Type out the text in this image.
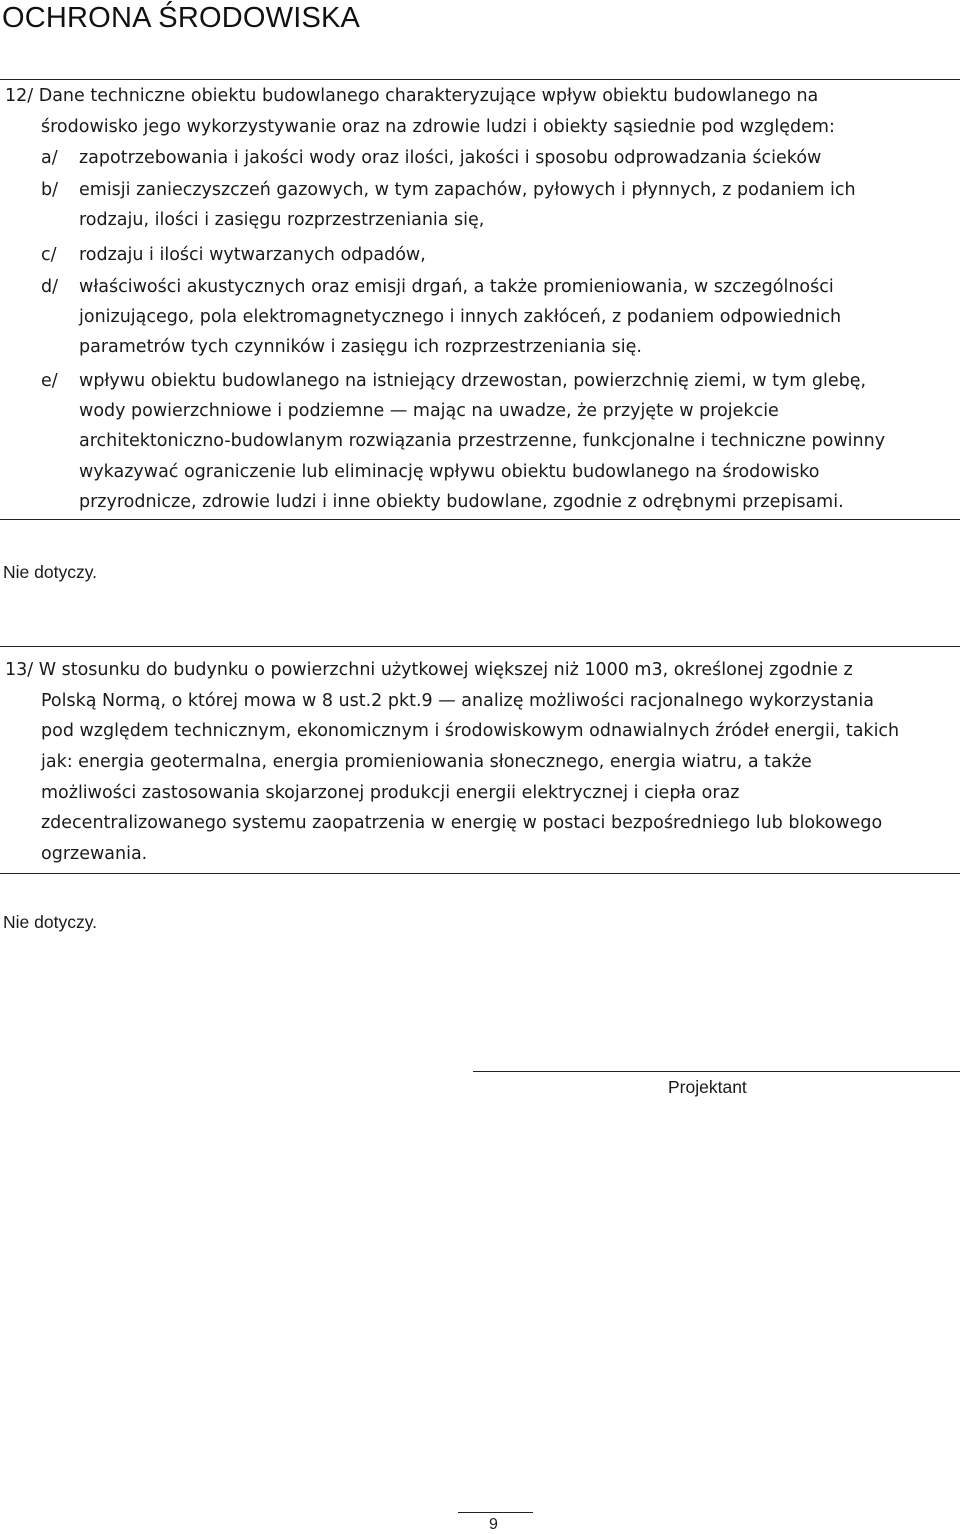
OCHRONA ŚRODOWISKA
12/ Dane techniczne obiektu budowlanego charakteryzujące wpływ obiektu budowlanego na
środowisko jego wykorzystywanie oraz na zdrowie ludzi i obiekty sąsiednie pod względem:
a/ zapotrzebowania i jakości wody oraz ilości, jakości i sposobu odprowadzania ścieków
b/ emisji zanieczyszczeń gazowych, w tym zapachów, pyłowych i płynnych, z podaniem ich
rodzaju, ilości i zasięgu rozprzestrzeniania się,
c/ rodzaju i ilości wytwarzanych odpadów,
d/ właściwości akustycznych oraz emisji drgań, a także promieniowania, w szczególności
jonizującego, pola elektromagnetycznego i innych zakłóceń, z podaniem odpowiednich
parametrów tych czynników i zasięgu ich rozprzestrzeniania się.
e/ wpływu obiektu budowlanego na istniejący drzewostan, powierzchnię ziemi, w tym glebę,
wody powierzchniowe i podziemne — mając na uwadze, że przyjęte w projekcie
architektoniczno-budowlanym rozwiązania przestrzenne, funkcjonalne i techniczne powinny
wykazywać ograniczenie lub eliminację wpływu obiektu budowlanego na środowisko
przyrodnicze, zdrowie ludzi i inne obiekty budowlane, zgodnie z odrębnymi przepisami.
Nie dotyczy.
13/ W stosunku do budynku o powierzchni użytkowej większej niż 1000 m3, określonej zgodnie z
Polską Normą, o której mowa w 8 ust.2 pkt.9 — analizę możliwości racjonalnego wykorzystania
pod względem technicznym, ekonomicznym i środowiskowym odnawialnych źródeł energii, takich
jak: energia geotermalna, energia promieniowania słonecznego, energia wiatru, a także
możliwości zastosowania skojarzonej produkcji energii elektrycznej i ciepła oraz
zdecentralizowanego systemu zaopatrzenia w energię w postaci bezpośredniego lub blokowego
ogrzewania.
Nie dotyczy.
Projektant
9
